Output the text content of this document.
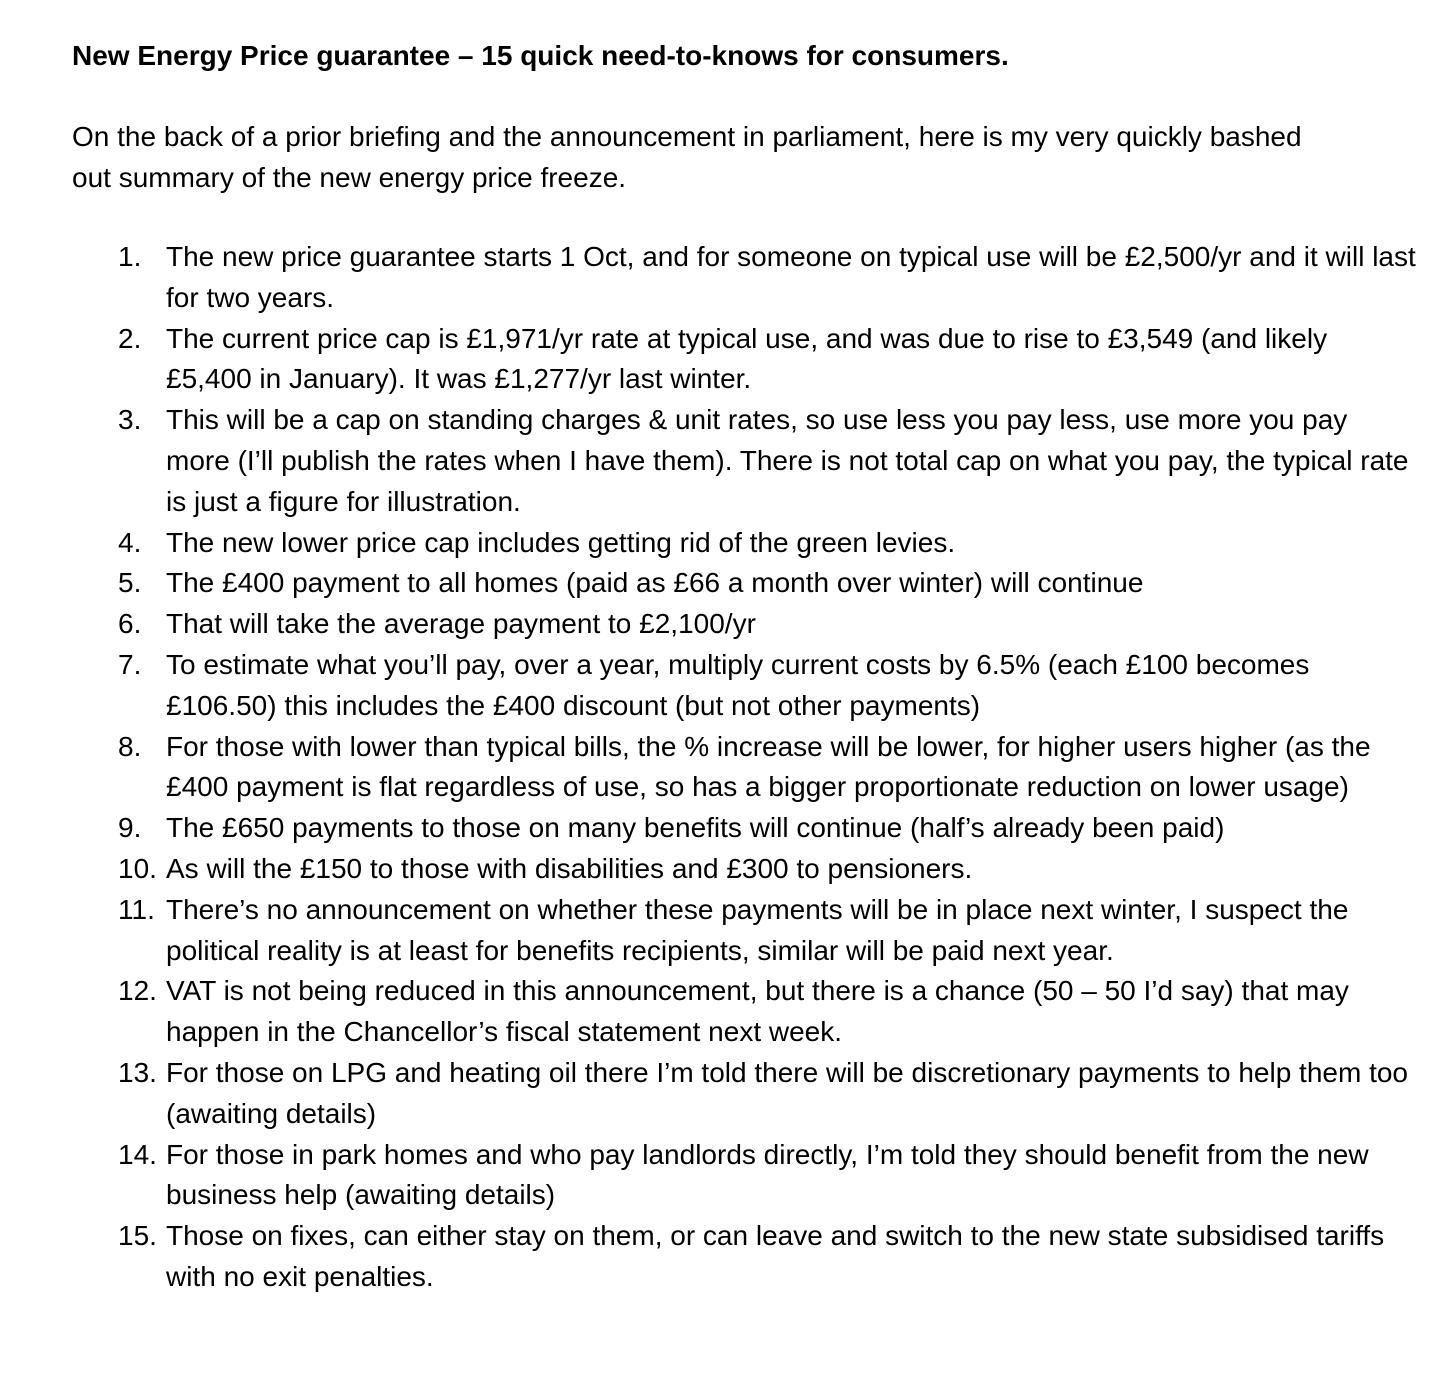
New Energy Price guarantee – 15 quick need-to-knows for consumers.

On the back of a prior briefing and the announcement in parliament, here is my very quickly bashed out summary of the new energy price freeze.

1. The new price guarantee starts 1 Oct, and for someone on typical use will be £2,500/yr and it will last for two years.
2. The current price cap is £1,971/yr rate at typical use, and was due to rise to £3,549 (and likely £5,400 in January). It was £1,277/yr last winter.
3. This will be a cap on standing charges & unit rates, so use less you pay less, use more you pay more (I’ll publish the rates when I have them). There is not total cap on what you pay, the typical rate is just a figure for illustration.
4. The new lower price cap includes getting rid of the green levies.
5. The £400 payment to all homes (paid as £66 a month over winter) will continue
6. That will take the average payment to £2,100/yr
7. To estimate what you’ll pay, over a year, multiply current costs by 6.5% (each £100 becomes £106.50) this includes the £400 discount (but not other payments)
8. For those with lower than typical bills, the % increase will be lower, for higher users higher (as the £400 payment is flat regardless of use, so has a bigger proportionate reduction on lower usage)
9. The £650 payments to those on many benefits will continue (half’s already been paid)
10. As will the £150 to those with disabilities and £300 to pensioners.
11. There’s no announcement on whether these payments will be in place next winter, I suspect the political reality is at least for benefits recipients, similar will be paid next year.
12. VAT is not being reduced in this announcement, but there is a chance (50 – 50 I’d say) that may happen in the Chancellor’s fiscal statement next week.
13. For those on LPG and heating oil there I’m told there will be discretionary payments to help them too (awaiting details)
14. For those in park homes and who pay landlords directly, I’m told they should benefit from the new business help (awaiting details)
15. Those on fixes, can either stay on them, or can leave and switch to the new state subsidised tariffs with no exit penalties.
